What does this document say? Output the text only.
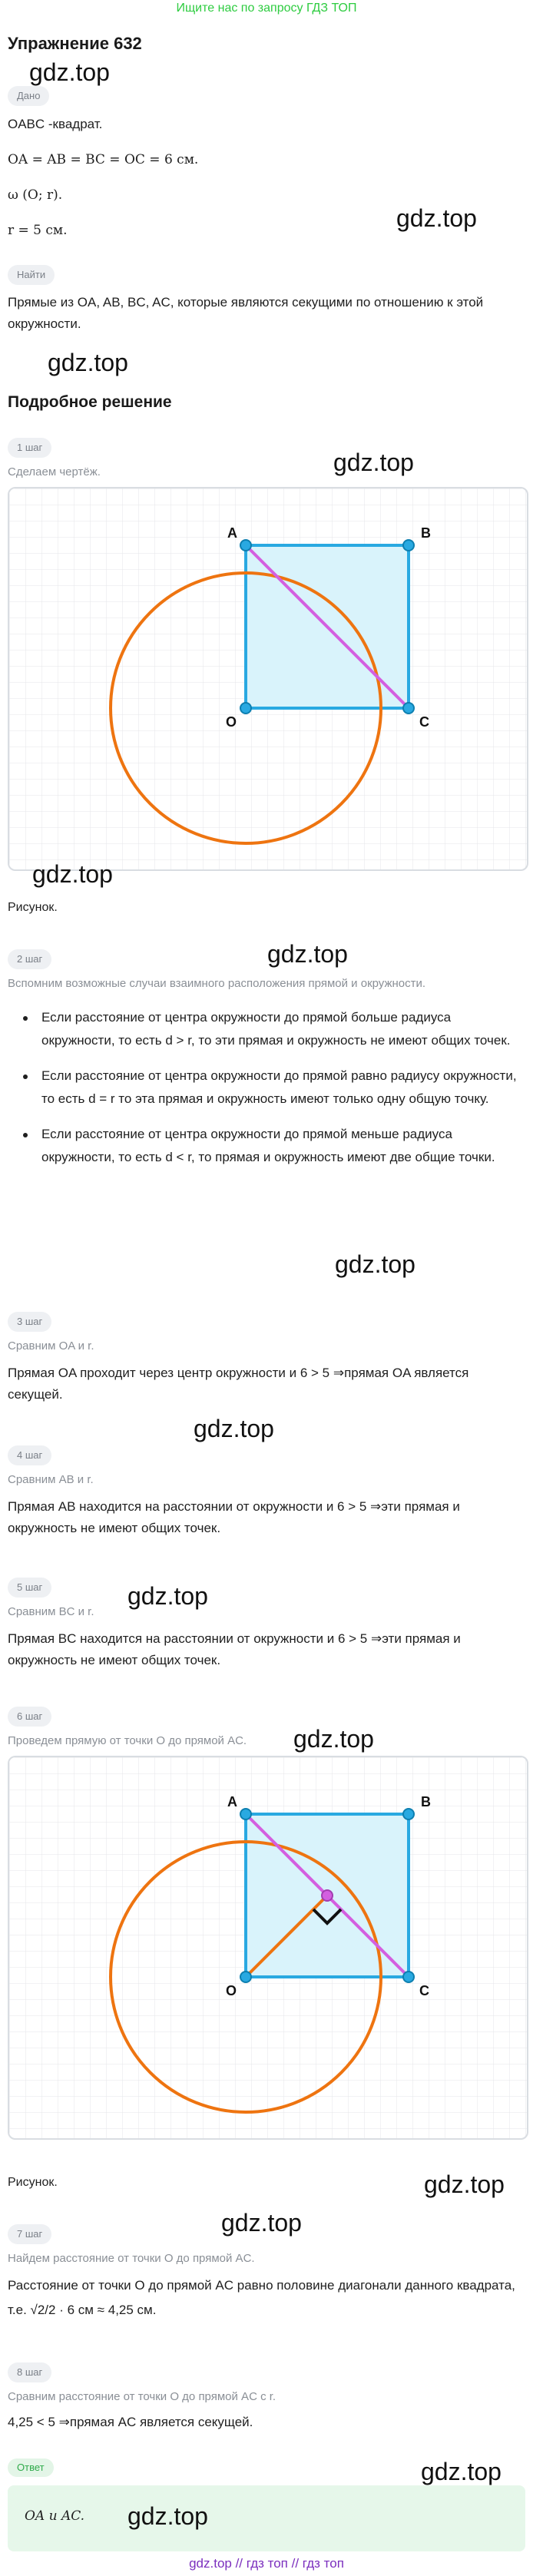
Ищите нас по запросу ГДЗ ТОП
Упражнение 632
gdz.top
Дано
OABC -квадрат.
OA = AB = BC = OC = 6 см.
ω (O; r).
gdz.top
r = 5 см.
Найти
Прямые из OA, AB, BC, AC, которые являются секущими по отношению к этой окружности.
gdz.top
Подробное решение
1 шаг
Сделаем чертёж.	gdz.top
A	B
O	C
gdz.top
Рисунок.
gdz.top
2 шаг
Вспомним возможные случаи взаимного расположения прямой и окружности.
Если расстояние от центра окружности до прямой больше радиуса окружности, то есть d > r, то эти прямая и окружность не имеют общих точек.
Если расстояние от центра окружности до прямой равно радиусу окружности, то есть d = r то эта прямая и окружность имеют только одну общую точку.
Если расстояние от центра окружности до прямой меньше радиуса окружности, то есть d < r, то прямая и окружность имеют две общие точки.
gdz.top
3 шаг
Сравним OA и r.
Прямая OA проходит через центр окружности и 6 > 5 ⇒прямая OA является секущей.
gdz.top
4 шаг
Сравним AB и r.
Прямая AB находится на расстоянии от окружности и 6 > 5 ⇒эти прямая и окружность не имеют общих точек.
5 шаг	gdz.top
Сравним BC и r.
Прямая BC находится на расстоянии от окружности и 6 > 5 ⇒эти прямая и окружность не имеют общих точек.
6 шаг
Проведем прямую от точки O до прямой AC. gdz.top
A	B
O	C
Рисунок.	gdz.top
gdz.top
7 шаг
Найдем расстояние от точки O до прямой AC.
Расстояние от точки O до прямой AC равно половине диагонали данного квадрата, т.е. √2/2 · 6 см ≈ 4,25 см.
8 шаг
Сравним расстояние от точки O до прямой AC с r.
4,25 < 5 ⇒прямая AC является секущей.
gdz.top
Ответ
OA и AC. gdz.top
gdz.top // гдз топ // гдз топ
